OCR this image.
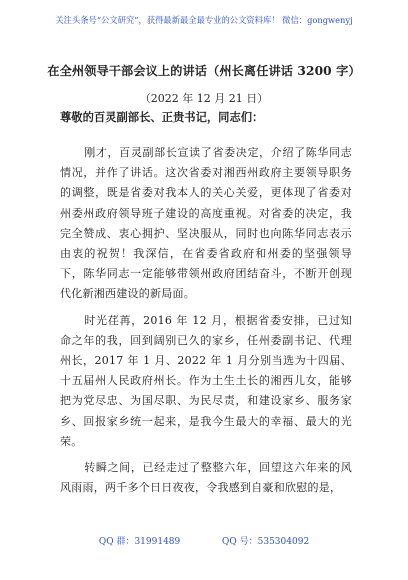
关注头条号“公文研究”，获得最新最全最专业的公文资料库！ 微信：gongwenyj
在全州领导干部会议上的讲话（州长离任讲话 3200 字）
（2022 年 12 月 21 日）
尊敬的百灵副部长、正贵书记，同志们：

刚才，百灵副部长宣读了省委决定，介绍了陈华同志情况，并作了讲话。这次省委对湘西州政府主要领导职务的调整，既是省委对我本人的关心关爱，更体现了省委对州委州政府领导班子建设的高度重视。对省委的决定，我完全赞成、衷心拥护、坚决服从，同时也向陈华同志表示由衷的祝贺！我深信，在省委省政府和州委的坚强领导下，陈华同志一定能够带领州政府团结奋斗，不断开创现代化新湘西建设的新局面。

时光荏苒，2016 年 12 月，根据省委安排，已过知命之年的我，回到阔别已久的家乡，任州委副书记、代理州长，2017 年 1 月、2022 年 1 月分别当选为十四届、十五届州人民政府州长。作为土生土长的湘西儿女，能够把为党尽忠、为国尽职、为民尽责，和建设家乡、服务家乡、回报家乡统一起来，是我今生最大的幸福、最大的光荣。

转瞬之间，已经走过了整整六年，回望这六年来的风风雨雨，两千多个日日夜夜，令我感到自豪和欣慰的是，

QQ 群：31991489	QQ 号：535304092
